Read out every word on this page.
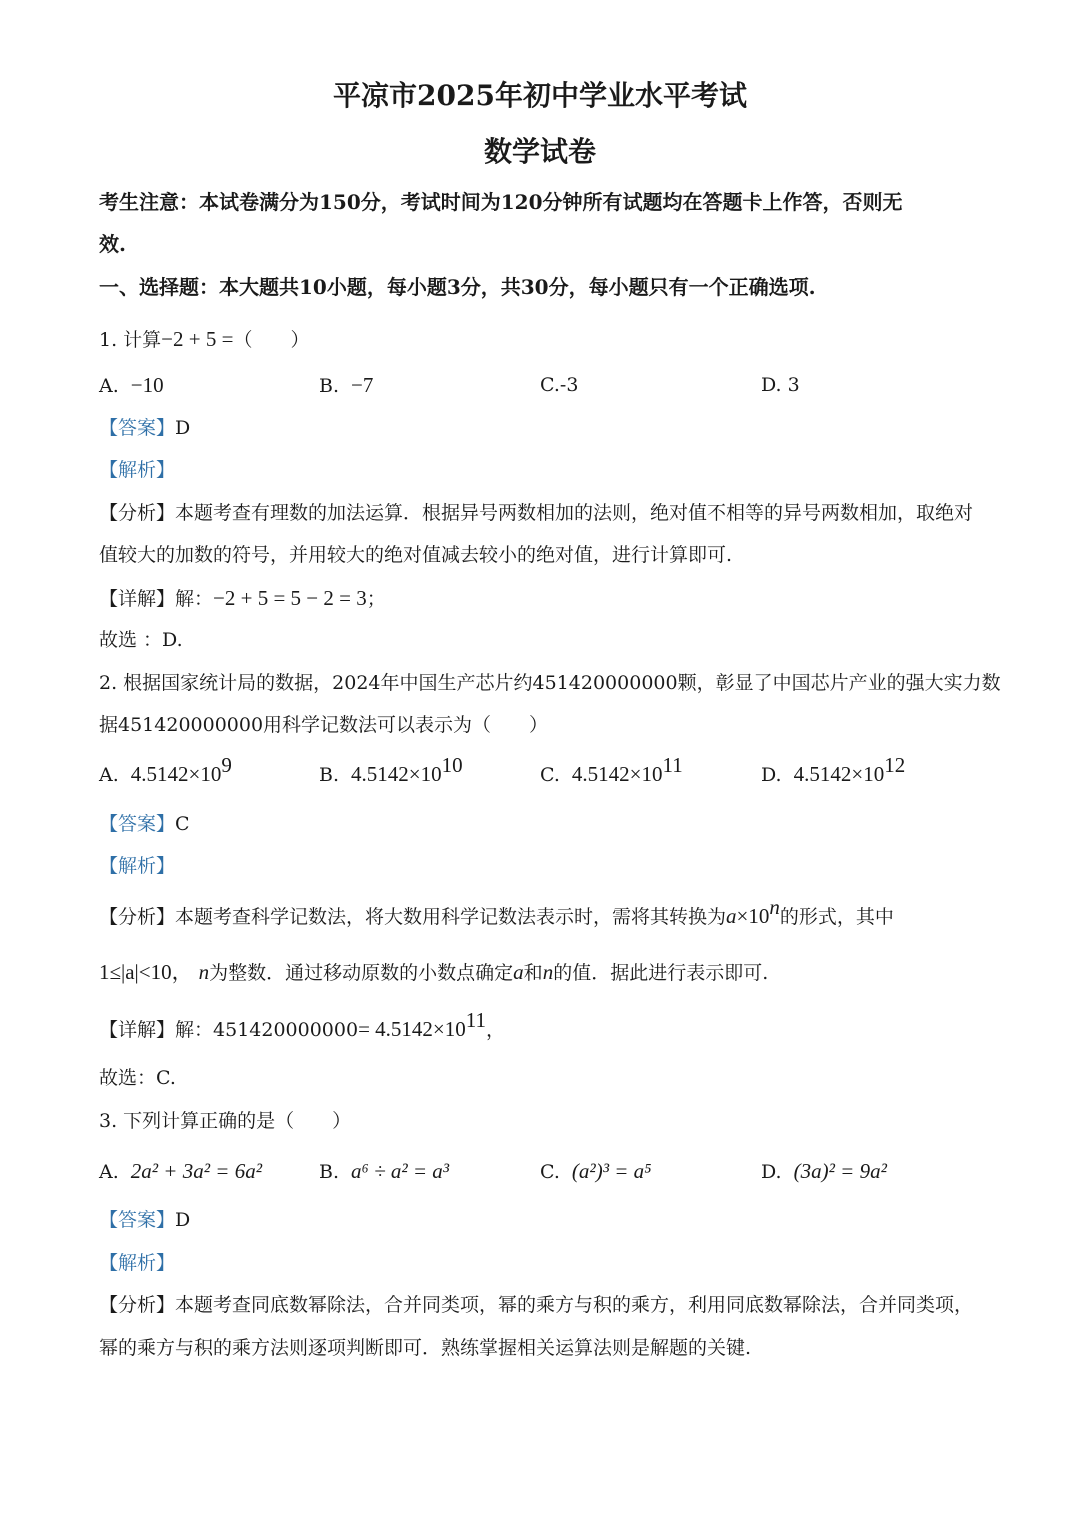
平凉市2025年初中学业水平考试
数学试卷
考生注意：本试卷满分为150分，考试时间为120分钟所有试题均在答题卡上作答，否则无
效.
一、选择题：本大题共10小题，每小题3分，共30分，每小题只有一个正确选项.
1. 计算−2 + 5 =（　　）
A. −10	B. −7	C.-3	D. 3
【答案】D
【解析】
【分析】本题考查有理数的加法运算．根据异号两数相加的法则，绝对值不相等的异号两数相加，取绝对
值较大的加数的符号，并用较大的绝对值减去较小的绝对值，进行计算即可.
【详解】解：−2 + 5 = 5 − 2 = 3；
故选 ：D.
2. 根据国家统计局的数据，2024年中国生产芯片约451420000000颗，彰显了中国芯片产业的强大实力数
据451420000000用科学记数法可以表示为（　　）
A. $4.5142\times 10^9$	B. $4.5142\times 10^{10}$	C. $4.5142\times 10^{11}$	D. $4.5142\times 10^{12}$
【答案】C
【解析】
【分析】本题考查科学记数法，将大数用科学记数法表示时，需将其转换为$a\times 10^n$的形式，其中
1≤|a|<10， n为整数．通过移动原数的小数点确定a和n的值．据此进行表示即可.
【详解】解：$451420000000= 4.5142\times 10^{11}$，
故选：C.
3. 下列计算正确的是（　　）
A. 2a² + 3a² = 6a²	B. a⁶ ÷ a² = a³	C. (a²)³ = a⁵	D. (3a)² = 9a²
【答案】D
【解析】
【分析】本题考查同底数幂除法，合并同类项，幂的乘方与积的乘方，利用同底数幂除法，合并同类项，
幂的乘方与积的乘方法则逐项判断即可．熟练掌握相关运算法则是解题的关键.
